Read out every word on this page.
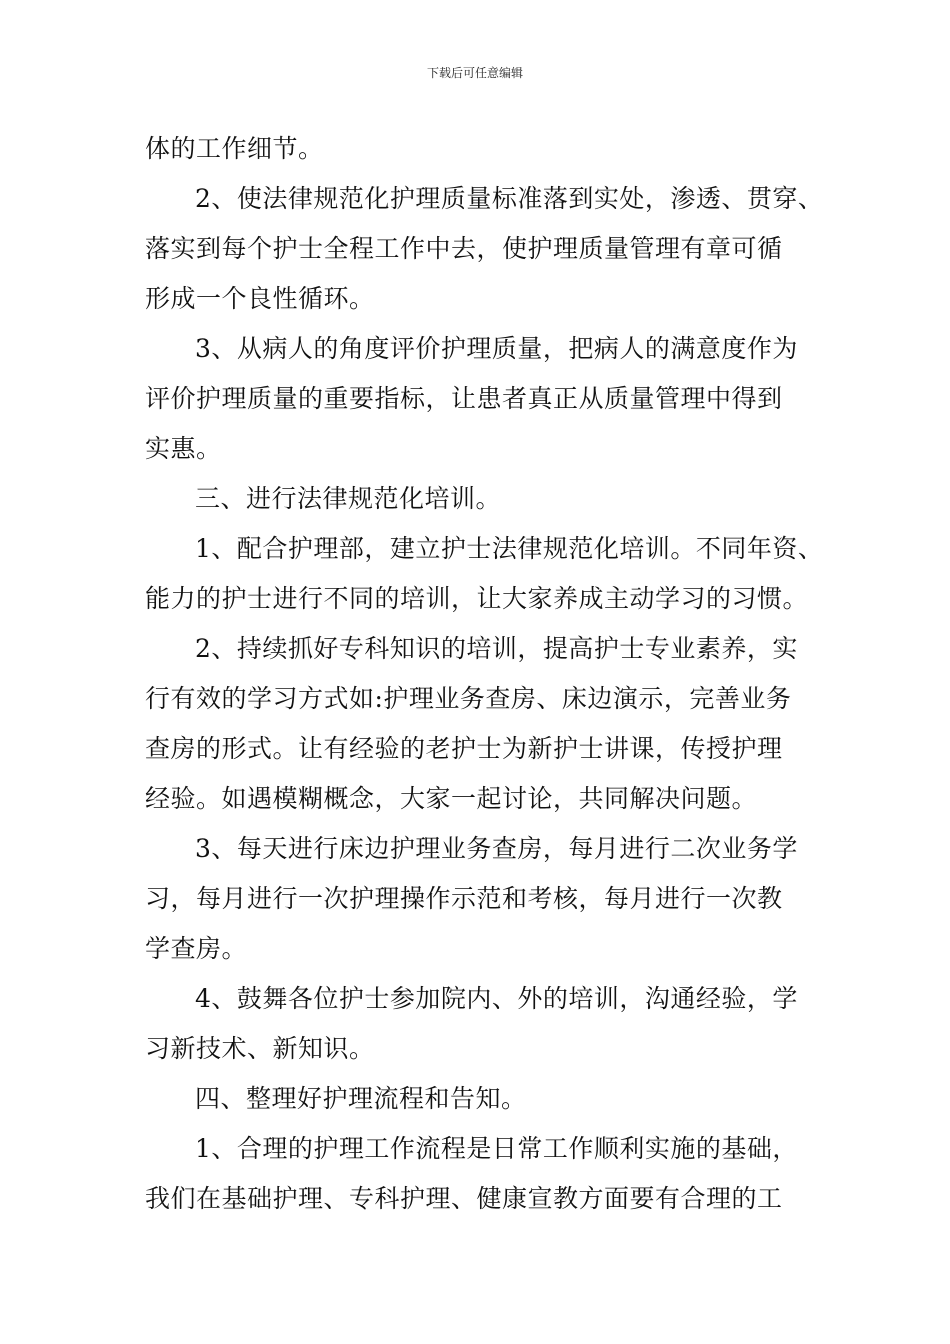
下载后可任意编辑
体的工作细节。
2、使法律规范化护理质量标准落到实处，渗透、贯穿、
落实到每个护士全程工作中去，使护理质量管理有章可循
形成一个良性循环。
3、从病人的角度评价护理质量，把病人的满意度作为
评价护理质量的重要指标，让患者真正从质量管理中得到
实惠。
三、进行法律规范化培训。
1、配合护理部，建立护士法律规范化培训。不同年资、
能力的护士进行不同的培训，让大家养成主动学习的习惯。
2、持续抓好专科知识的培训，提高护士专业素养，实
行有效的学习方式如:护理业务查房、床边演示，完善业务
查房的形式。让有经验的老护士为新护士讲课，传授护理
经验。如遇模糊概念，大家一起讨论，共同解决问题。
3、每天进行床边护理业务查房，每月进行二次业务学
习，每月进行一次护理操作示范和考核，每月进行一次教
学查房。
4、鼓舞各位护士参加院内、外的培训，沟通经验，学
习新技术、新知识。
四、整理好护理流程和告知。
1、合理的护理工作流程是日常工作顺利实施的基础，
我们在基础护理、专科护理、健康宣教方面要有合理的工
